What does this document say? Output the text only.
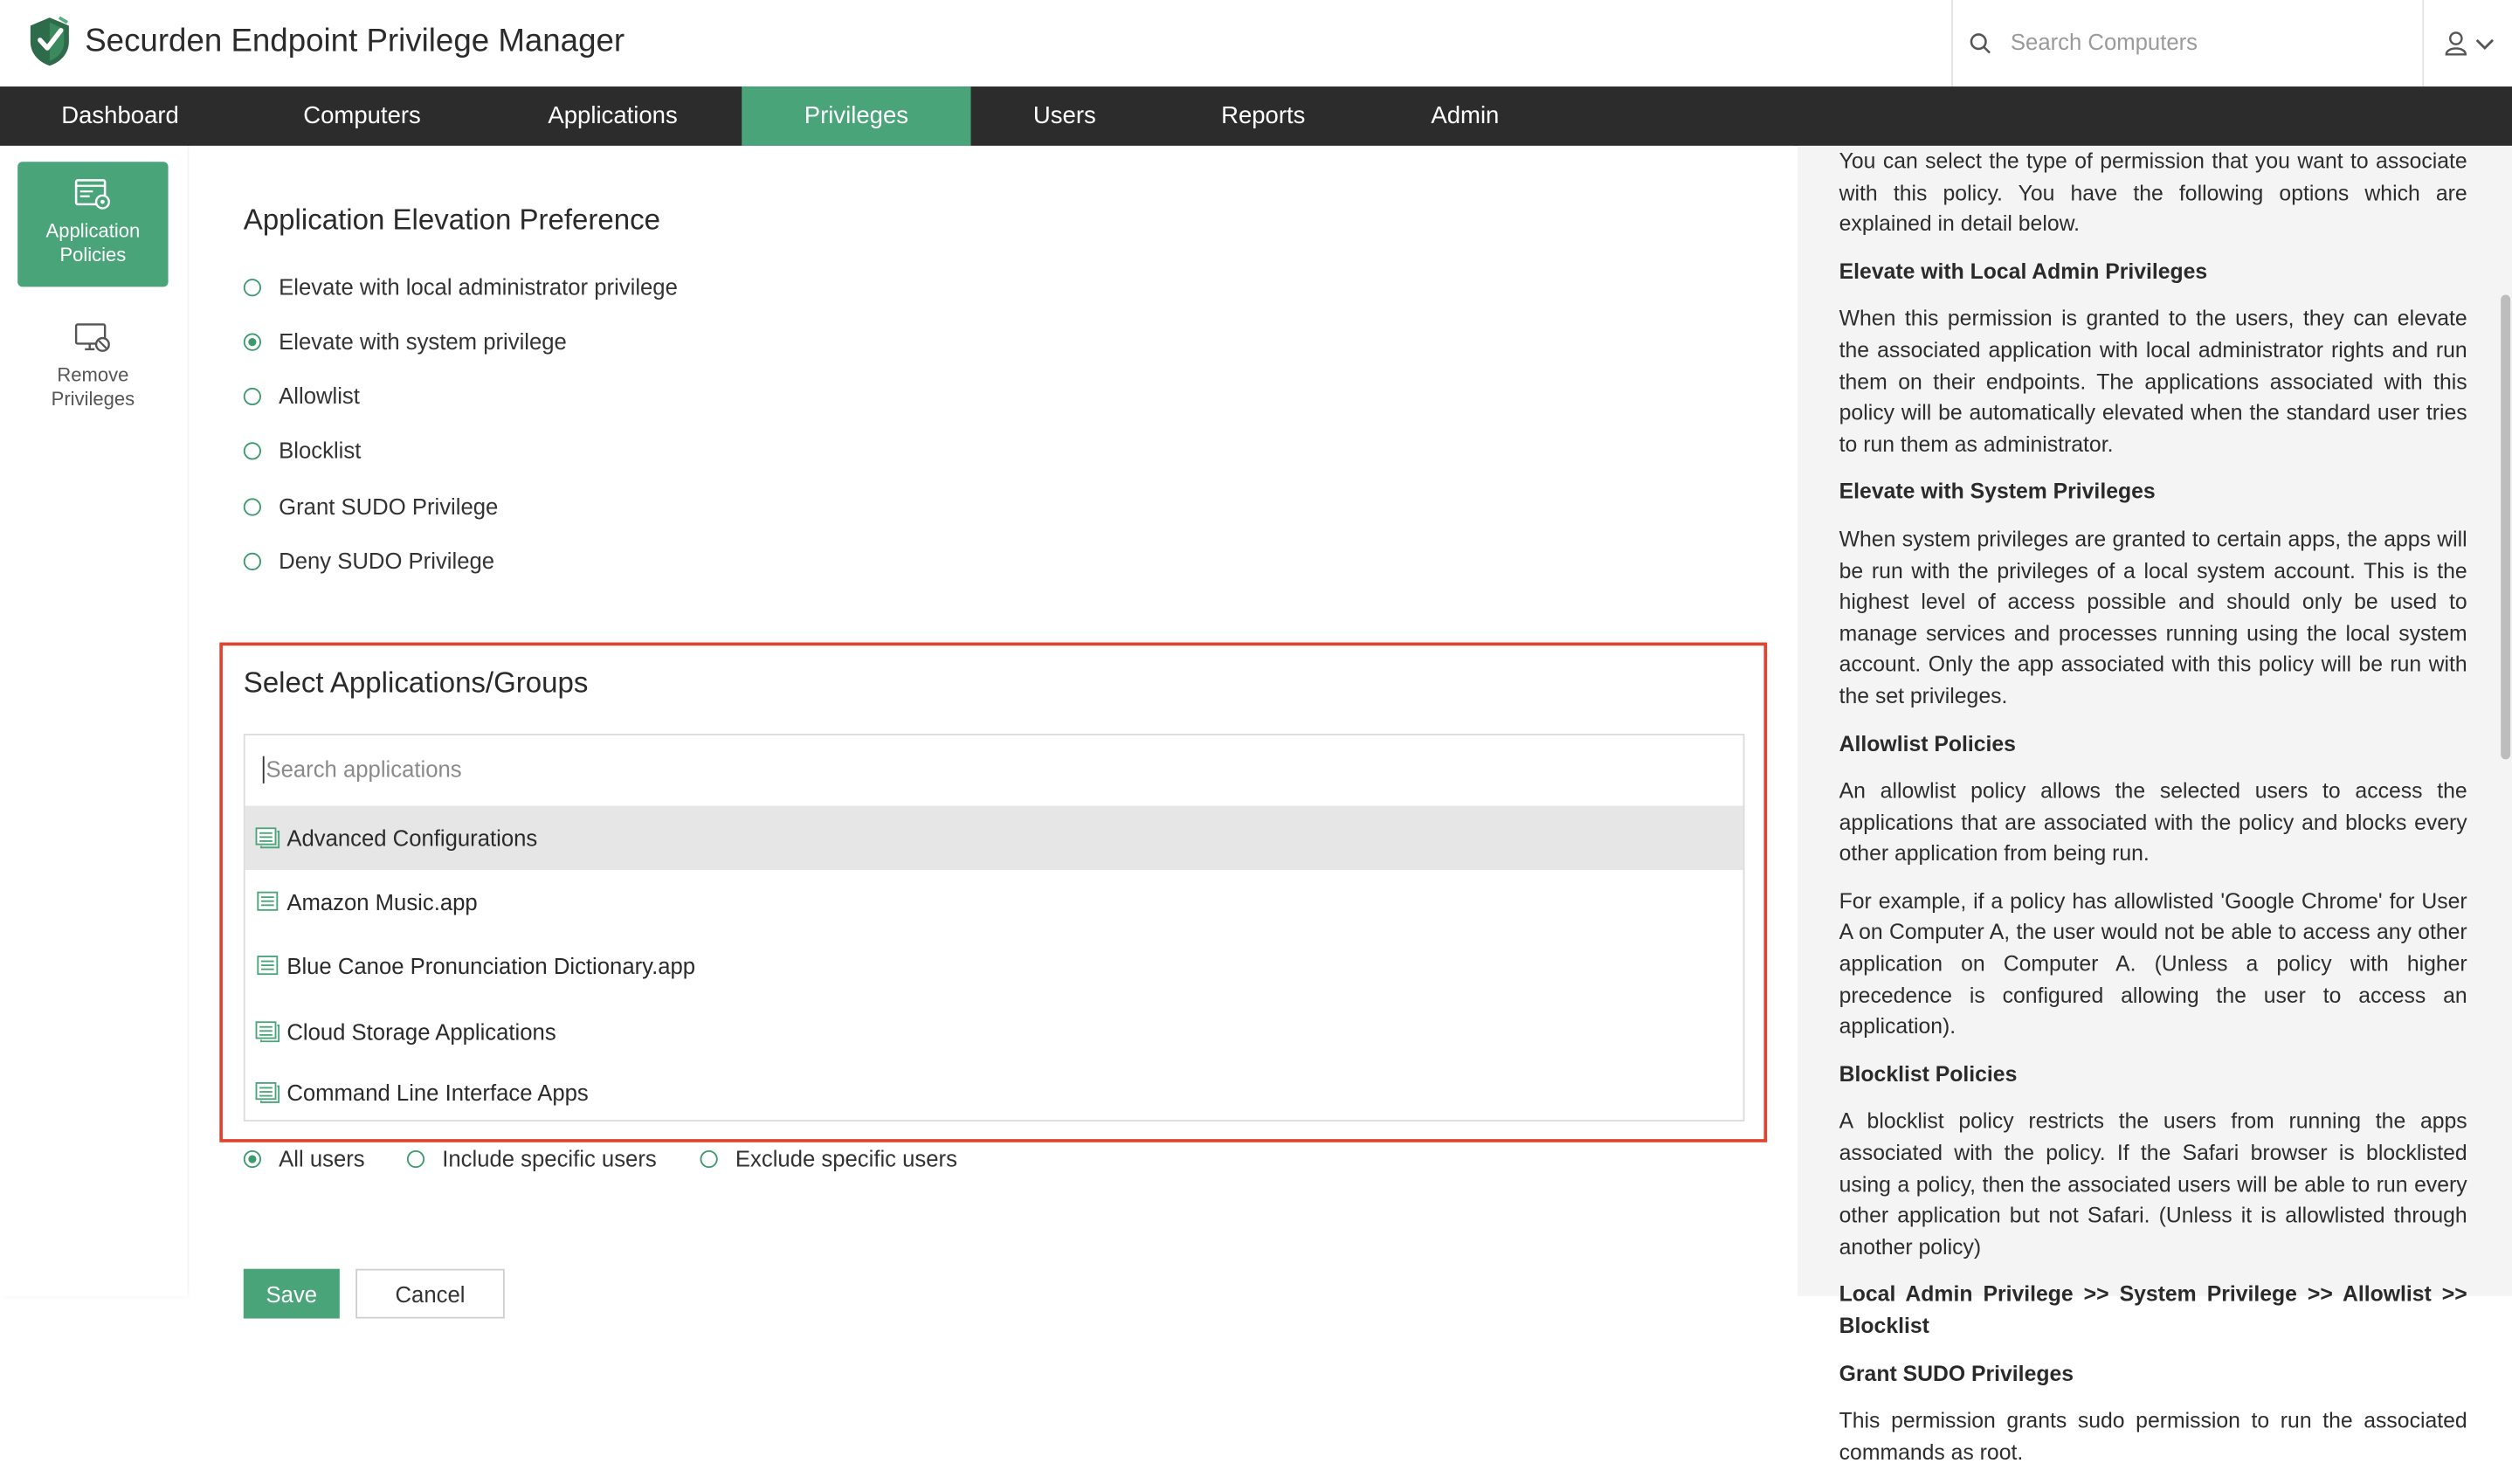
Securden Endpoint Privilege Manager
Search Computers
Dashboard	Computers	Applications	Privileges	Users	Reports	Admin
Application
Policies
Remove
Privileges
Application Elevation Preference
Elevate with local administrator privilege
Elevate with system privilege
Allowlist
Blocklist
Grant SUDO Privilege
Deny SUDO Privilege
Select Applications/Groups
Search applications
Advanced Configurations
Amazon Music.app
Blue Canoe Pronunciation Dictionary.app
Cloud Storage Applications
Command Line Interface Apps
All users	Include specific users	Exclude specific users
Save	Cancel

You can select the type of permission that you want to associate with this policy. You have the following options which are explained in detail below.

Elevate with Local Admin Privileges

When this permission is granted to the users, they can elevate the associated application with local administrator rights and run them on their endpoints. The applications associated with this policy will be automatically elevated when the standard user tries to run them as administrator.

Elevate with System Privileges

When system privileges are granted to certain apps, the apps will be run with the privileges of a local system account. This is the highest level of access possible and should only be used to manage services and processes running using the local system account. Only the app associated with this policy will be run with the set privileges.

Allowlist Policies

An allowlist policy allows the selected users to access the applications that are associated with the policy and blocks every other application from being run.

For example, if a policy has allowlisted 'Google Chrome' for User A on Computer A, the user would not be able to access any other application on Computer A. (Unless a policy with higher precedence is configured allowing the user to access an application).

Blocklist Policies

A blocklist policy restricts the users from running the apps associated with the policy. If the Safari browser is blocklisted using a policy, then the associated users will be able to run every other application but not Safari. (Unless it is allowlisted through another policy)

Local Admin Privilege >> System Privilege >> Allowlist >> Blocklist
Grant SUDO Privileges

This permission grants sudo permission to run the associated commands as root.
